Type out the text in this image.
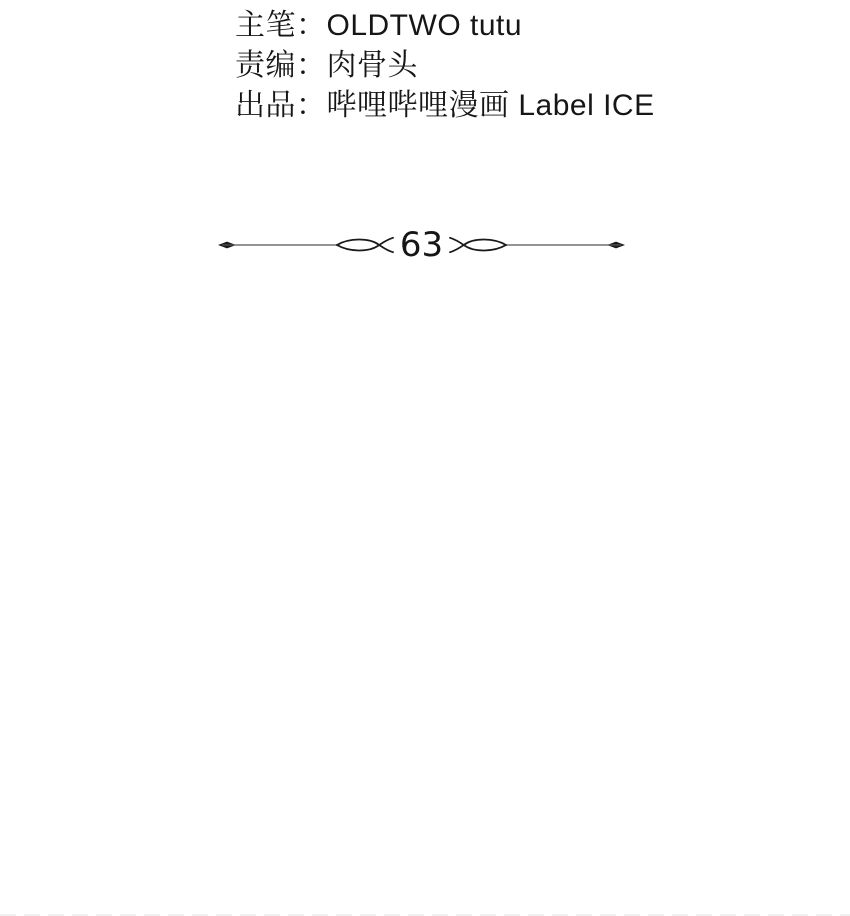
主笔：OLDTWO tutu
责编：肉骨头
出品：哔哩哔哩漫画 Label ICE
63
